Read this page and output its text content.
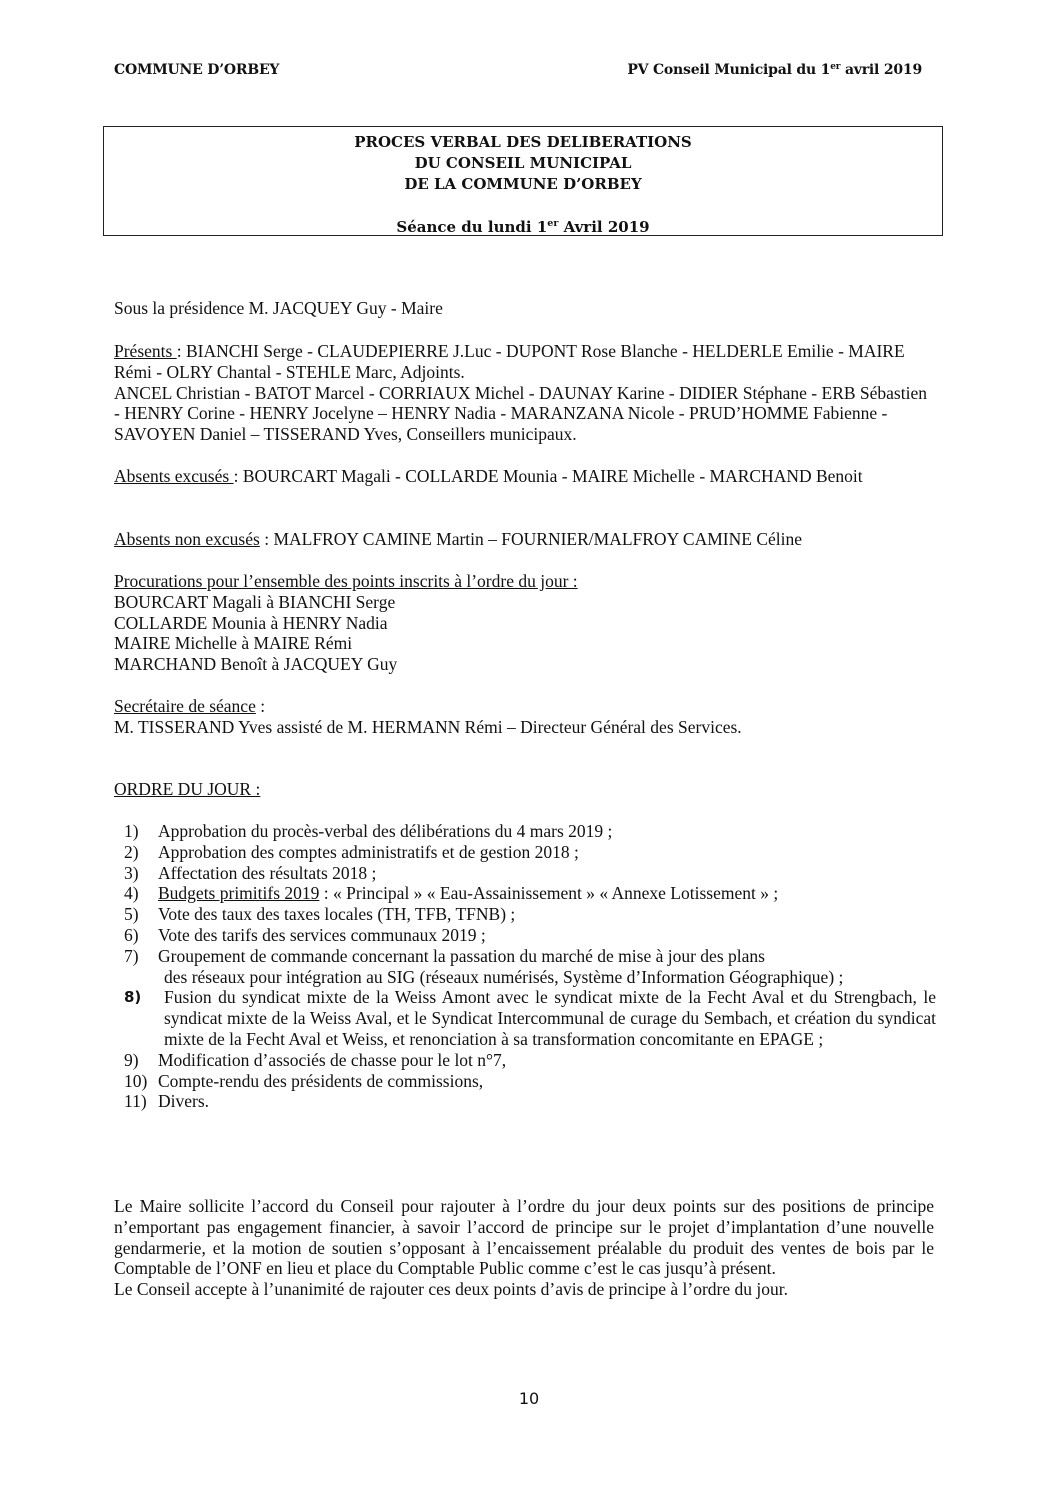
COMMUNE D’ORBEY	PV Conseil Municipal du 1er avril 2019
PROCES VERBAL DES DELIBERATIONS
DU CONSEIL MUNICIPAL
DE LA COMMUNE D’ORBEY
Séance du lundi 1er Avril 2019

Sous la présidence M. JACQUEY Guy - Maire

Présents : BIANCHI Serge - CLAUDEPIERRE J.Luc - DUPONT Rose Blanche - HELDERLE Emilie - MAIRE Rémi - OLRY Chantal - STEHLE Marc, Adjoints.

ANCEL Christian - BATOT Marcel - CORRIAUX Michel - DAUNAY Karine - DIDIER Stéphane - ERB Sébastien - HENRY Corine - HENRY Jocelyne – HENRY Nadia - MARANZANA Nicole - PRUD’HOMME Fabienne - SAVOYEN Daniel – TISSERAND Yves, Conseillers municipaux.

Absents excusés : BOURCART Magali - COLLARDE Mounia - MAIRE Michelle - MARCHAND Benoit

Absents non excusés : MALFROY CAMINE Martin – FOURNIER/MALFROY CAMINE Céline

Procurations pour l’ensemble des points inscrits à l’ordre du jour :

BOURCART Magali à BIANCHI Serge

COLLARDE Mounia à HENRY Nadia

MAIRE Michelle à MAIRE Rémi

MARCHAND Benoît à JACQUEY Guy

Secrétaire de séance :

M. TISSERAND Yves assisté de M. HERMANN Rémi – Directeur Général des Services.

ORDRE DU JOUR :

1)	Approbation du procès-verbal des délibérations du 4 mars 2019 ;
2)	Approbation des comptes administratifs et de gestion 2018 ;
3)	Affectation des résultats 2018 ;
4)	Budgets primitifs 2019 : « Principal » « Eau-Assainissement » « Annexe Lotissement » ;
5)	Vote des taux des taxes locales (TH, TFB, TFNB) ;
6)	Vote des tarifs des services communaux 2019 ;
7)	Groupement de commande concernant la passation du marché de mise à jour des plans
des réseaux pour intégration au SIG (réseaux numérisés, Système d’Information Géographique) ;
8)	Fusion du syndicat mixte de la Weiss Amont avec le syndicat mixte de la Fecht Aval et du Strengbach, le syndicat mixte de la Weiss Aval, et le Syndicat Intercommunal de curage du Sembach, et création du syndicat mixte de la Fecht Aval et Weiss, et renonciation à sa transformation concomitante en EPAGE ;
9)	Modification d’associés de chasse pour le lot n°7,
10) Compte-rendu des présidents de commissions,
11) Divers.

Le Maire sollicite l’accord du Conseil pour rajouter à l’ordre du jour deux points sur des positions de principe n’emportant pas engagement financier, à savoir l’accord de principe sur le projet d’implantation d’une nouvelle gendarmerie, et la motion de soutien s’opposant à l’encaissement préalable du produit des ventes de bois par le Comptable de l’ONF en lieu et place du Comptable Public comme c’est le cas jusqu’à présent.

Le Conseil accepte à l’unanimité de rajouter ces deux points d’avis de principe à l’ordre du jour.

10
